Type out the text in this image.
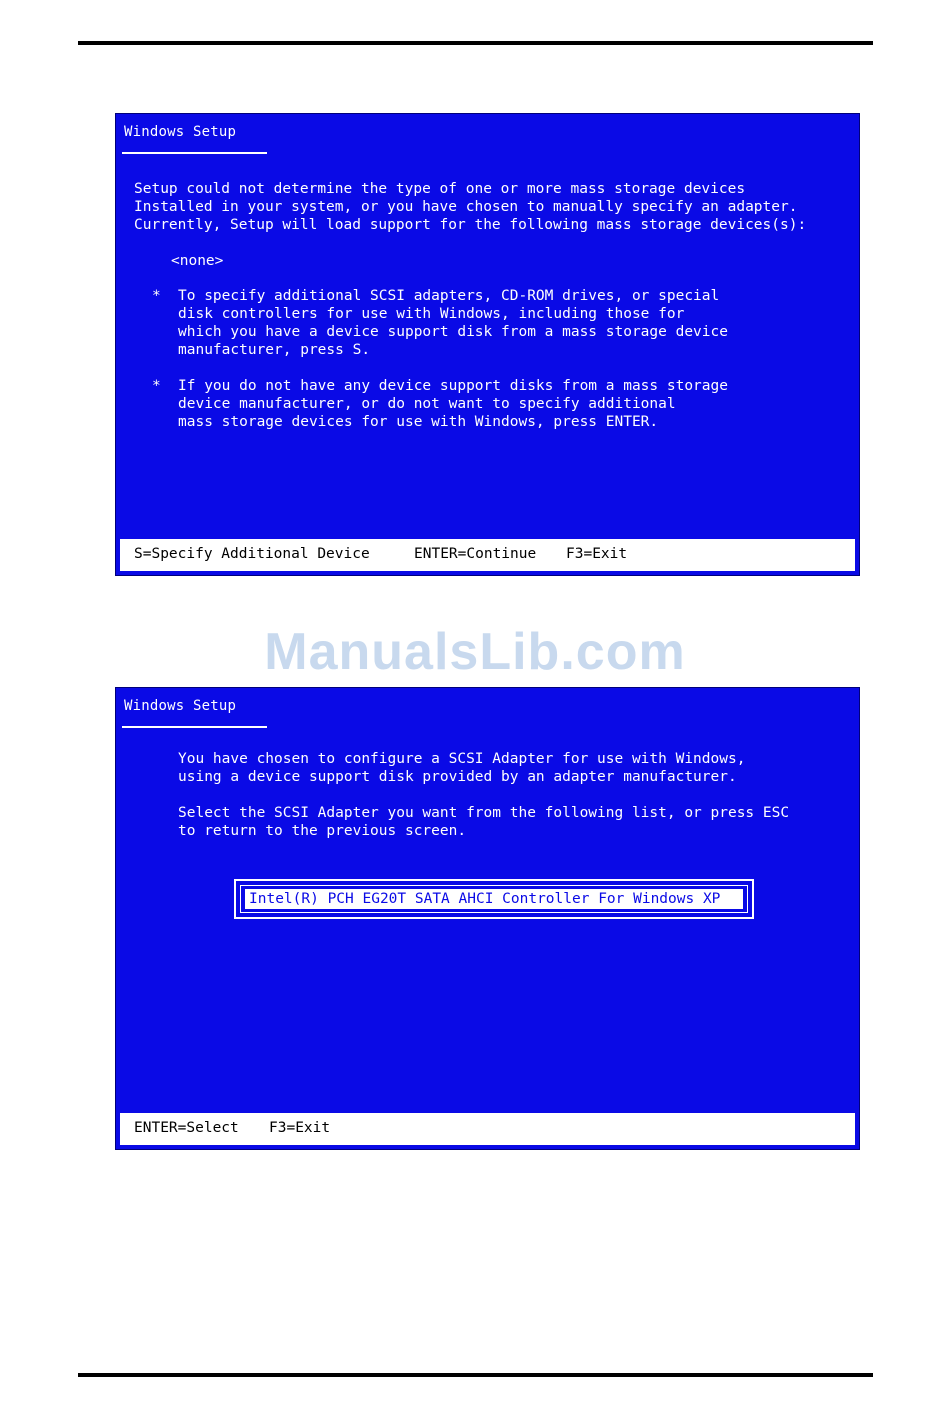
Windows Setup
Setup could not determine the type of one or more mass storage devices
Installed in your system, or you have chosen to manually specify an adapter.
Currently, Setup will load support for the following mass storage devices(s):
<none>
* To specify additional SCSI adapters, CD-ROM drives, or special
disk controllers for use with Windows, including those for
which you have a device support disk from a mass storage device
manufacturer, press S.
* If you do not have any device support disks from a mass storage
device manufacturer, or do not want to specify additional
mass storage devices for use with Windows, press ENTER.
S=Specify Additional Device	ENTER=Continue F3=Exit
ManualsLib.com
Windows Setup
You have chosen to configure a SCSI Adapter for use with Windows,
using a device support disk provided by an adapter manufacturer.
Select the SCSI Adapter you want from the following list, or press ESC
to return to the previous screen.
Intel(R) PCH EG20T SATA AHCI Controller For Windows XP
ENTER=Select F3=Exit
